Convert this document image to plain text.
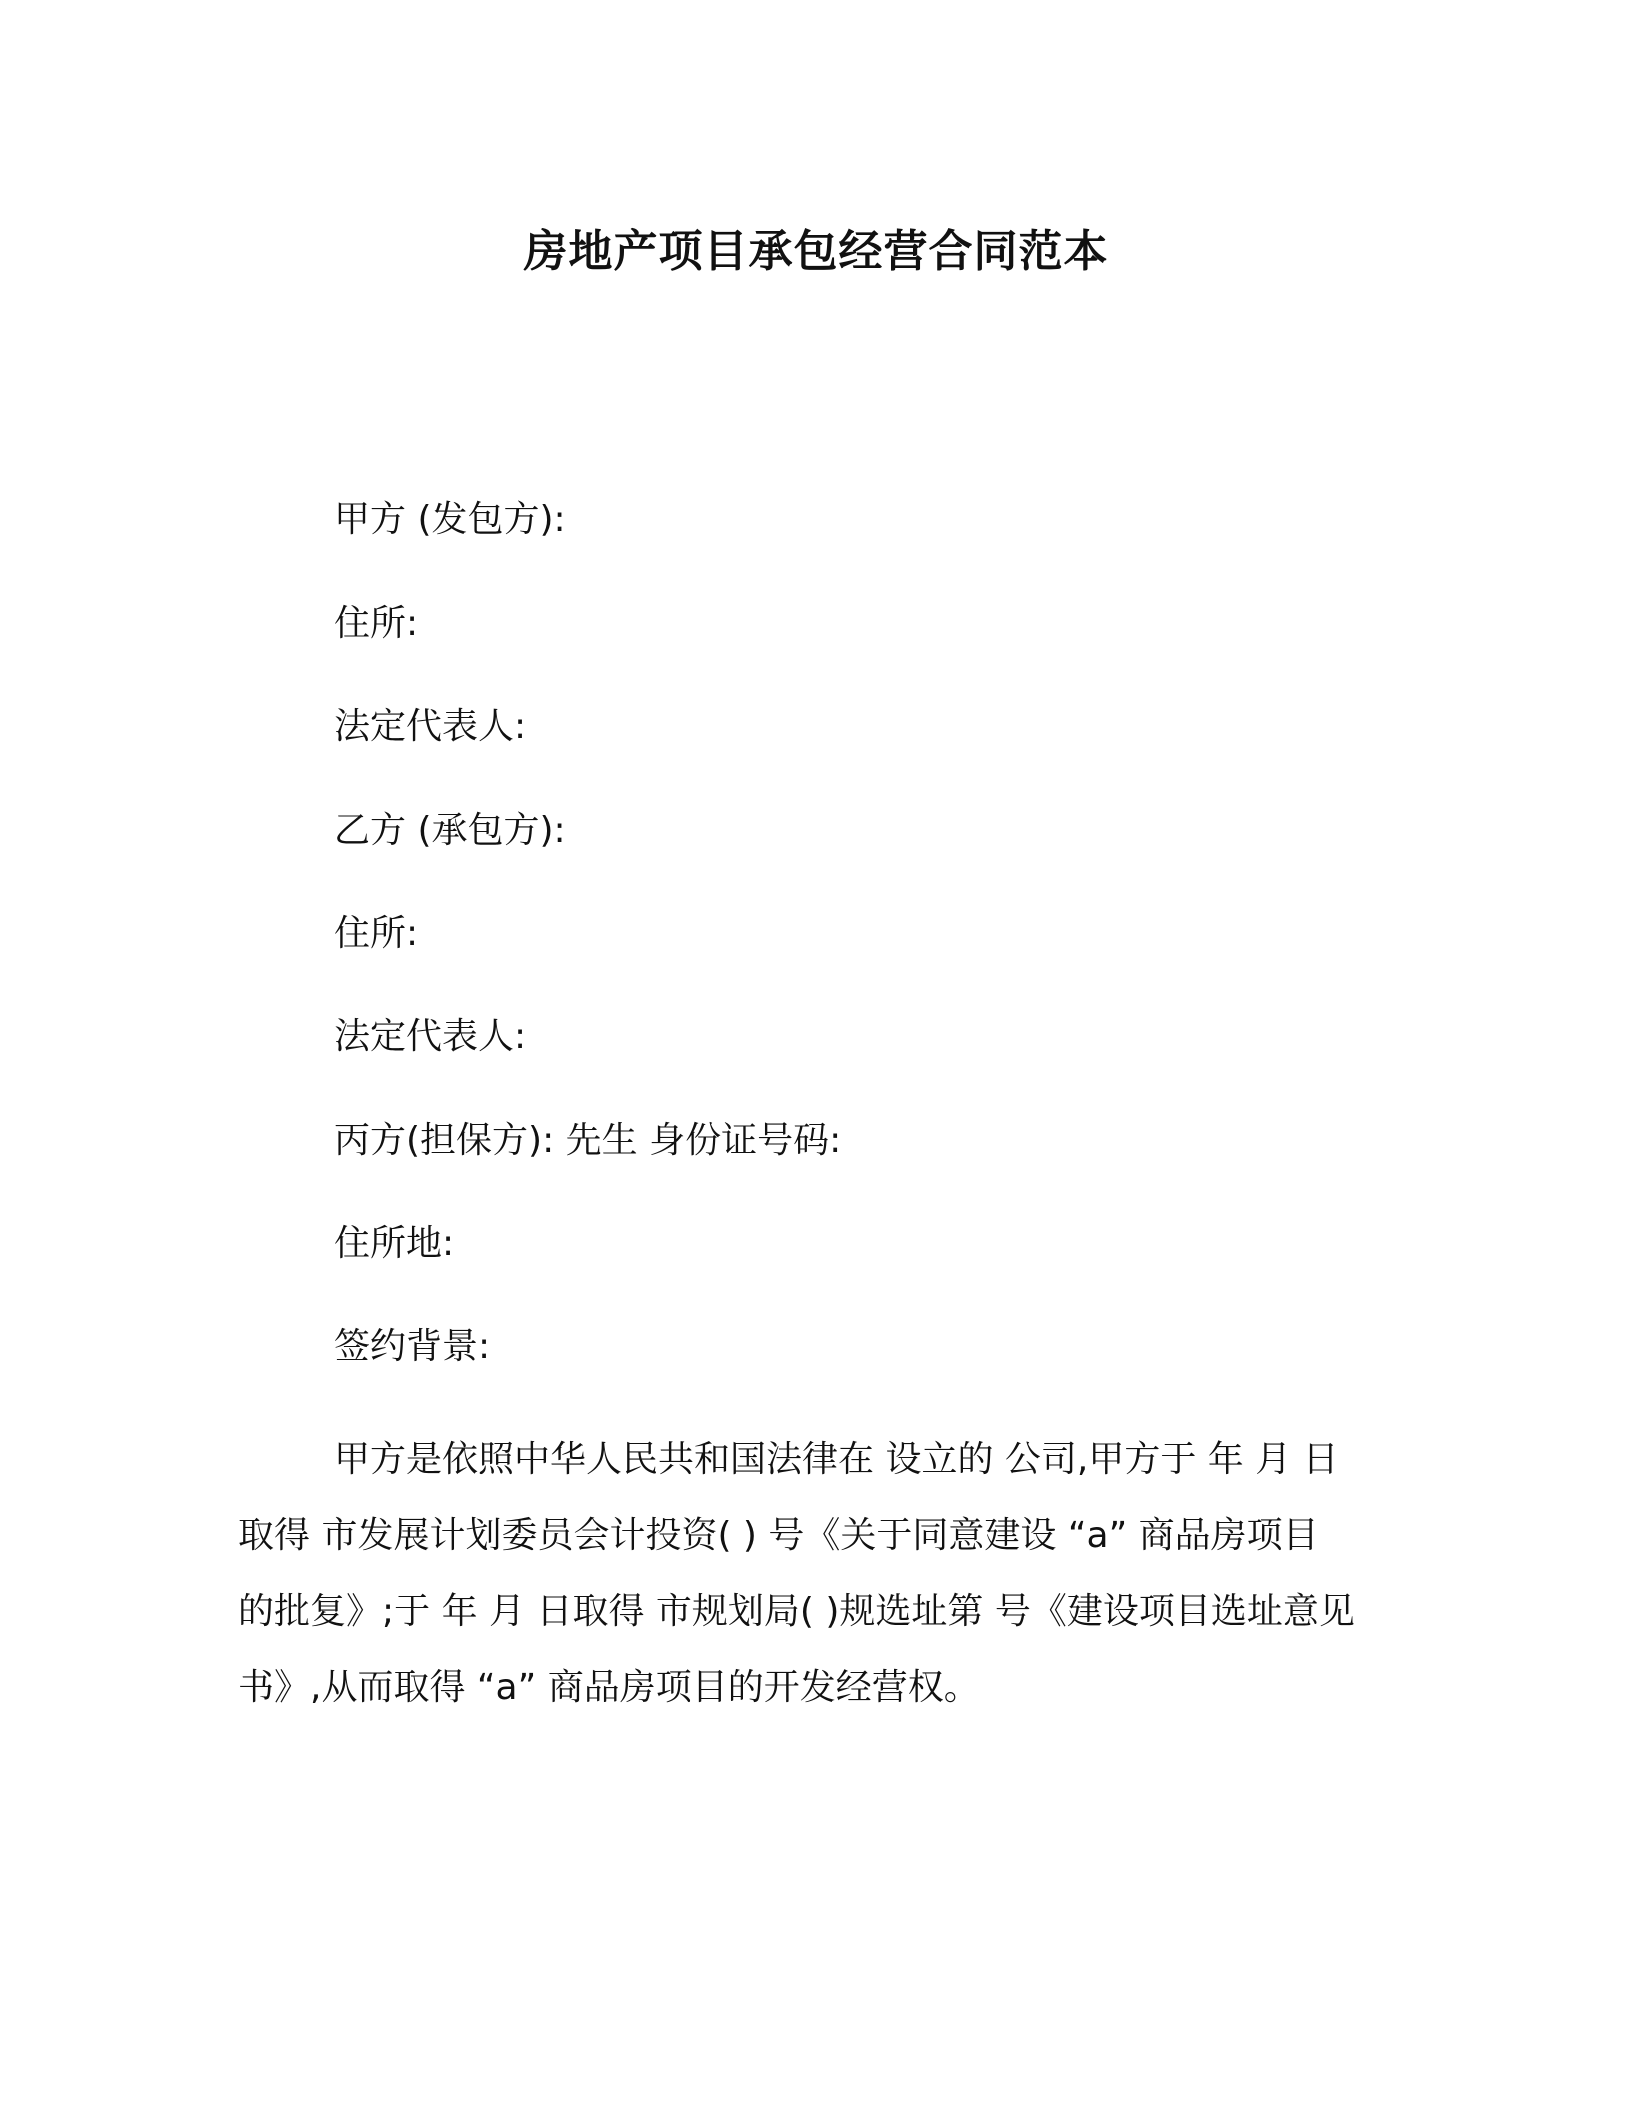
房地产项目承包经营合同范本
甲方 (发包方):
住所:
法定代表人:
乙方 (承包方):
住所:
法定代表人:
丙方(担保方): 先生 身份证号码:
住所地:
签约背景:
甲方是依照中华人民共和国法律在 设立的 公司,甲方于 年 月 日
取得 市发展计划委员会计投资( ) 号《关于同意建设 “a” 商品房项目
的批复》;于 年 月 日取得 市规划局( )规选址第 号《建设项目选址意见
书》,从而取得 “a” 商品房项目的开发经营权。
